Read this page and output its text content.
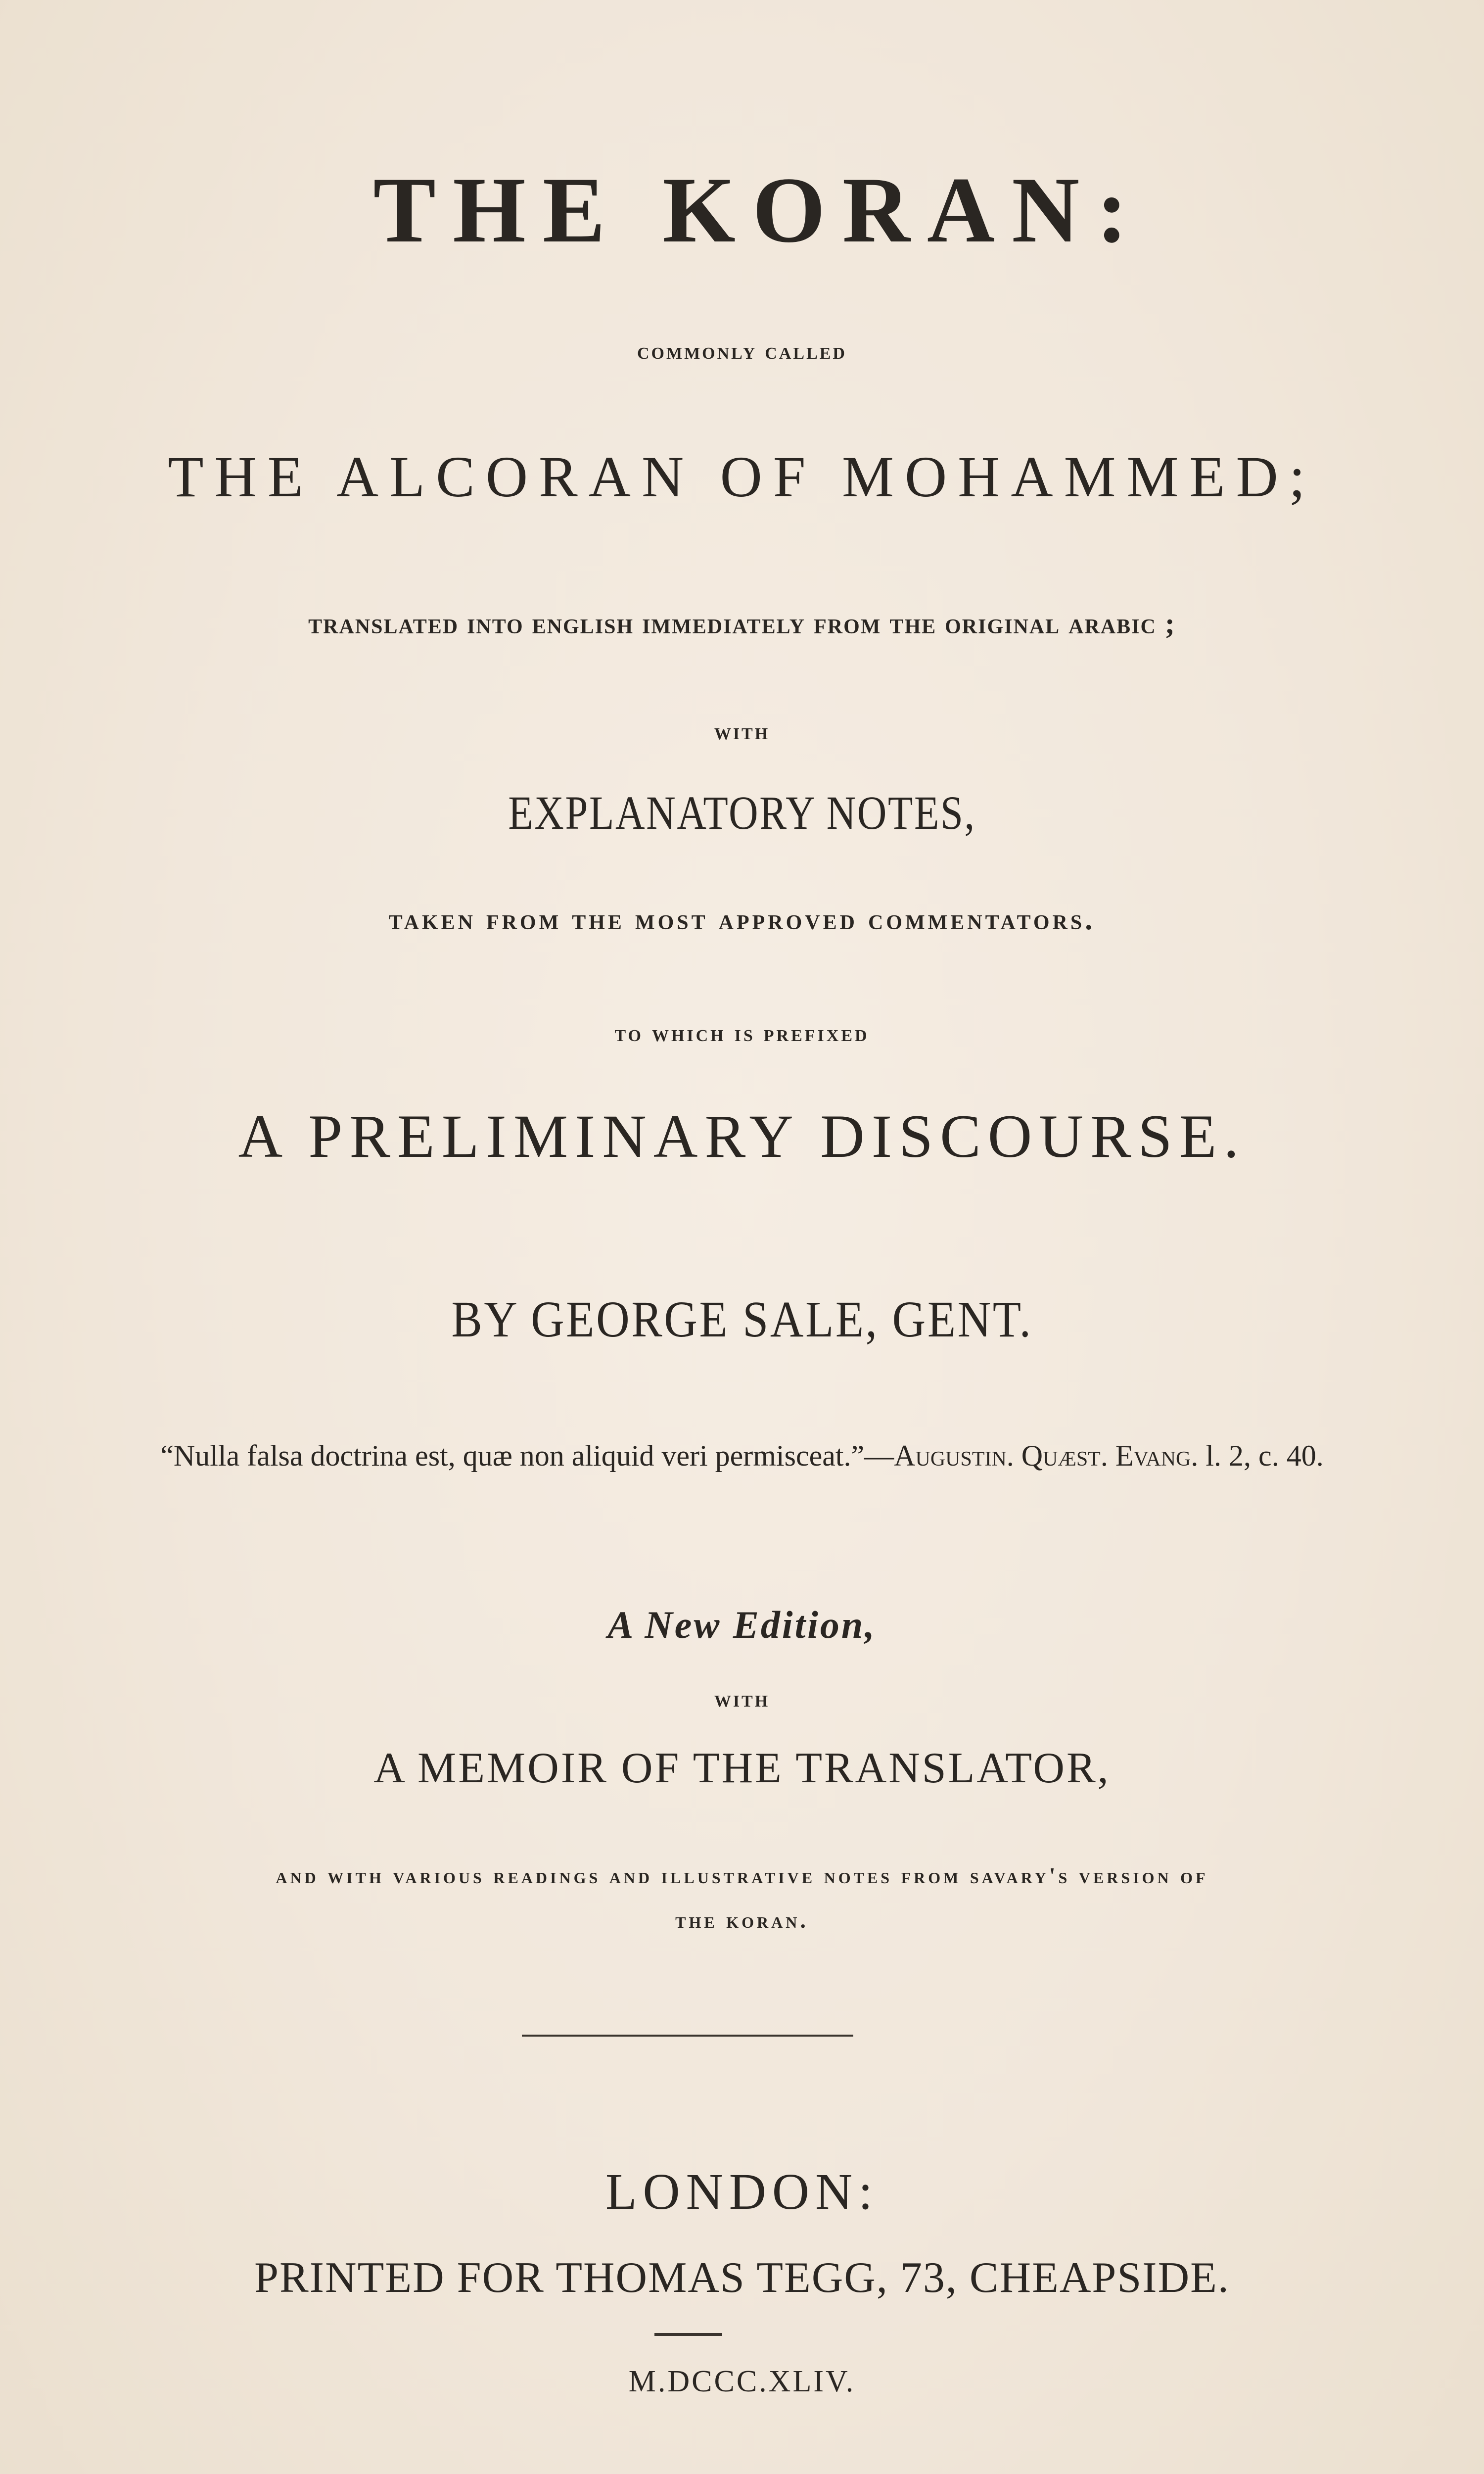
THE KORAN:
commonly called
THE ALCORAN OF MOHAMMED;
translated into english immediately from the original arabic ;
with
EXPLANATORY NOTES,
taken from the most approved commentators.
to which is prefixed
A PRELIMINARY DISCOURSE.
BY GEORGE SALE, GENT.
“Nulla falsa doctrina est, quæ non aliquid veri permisceat.”—Augustin. Quæst. Evang. l. 2, c. 40.
A New Edition,
with
A MEMOIR OF THE TRANSLATOR,
and with various readings and illustrative notes from savary's version of
the koran.
LONDON:
PRINTED FOR THOMAS TEGG, 73, CHEAPSIDE.
M.DCCC.XLIV.
